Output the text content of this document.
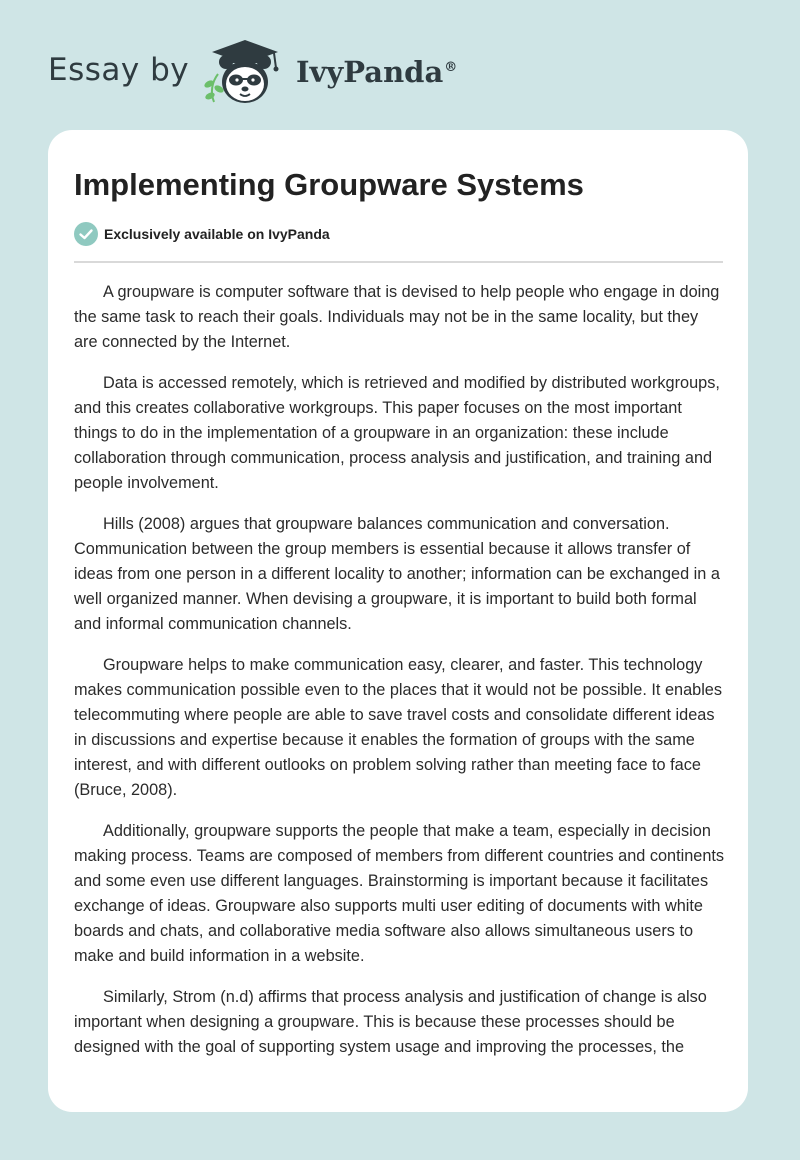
Essay by	IvyPanda®
Implementing Groupware Systems
Exclusively available on IvyPanda

A groupware is computer software that is devised to help people who engage in doing the same task to reach their goals. Individuals may not be in the same locality, but they are connected by the Internet.

Data is accessed remotely, which is retrieved and modified by distributed workgroups, and this creates collaborative workgroups. This paper focuses on the most important things to do in the implementation of a groupware in an organization: these include collaboration through communication, process analysis and justification, and training and people involvement.

Hills (2008) argues that groupware balances communication and conversation. Communication between the group members is essential because it allows transfer of ideas from one person in a different locality to another; information can be exchanged in a well organized manner. When devising a groupware, it is important to build both formal and informal communication channels.

Groupware helps to make communication easy, clearer, and faster. This technology makes communication possible even to the places that it would not be possible. It enables telecommuting where people are able to save travel costs and consolidate different ideas in discussions and expertise because it enables the formation of groups with the same interest, and with different outlooks on problem solving rather than meeting face to face (Bruce, 2008).

Additionally, groupware supports the people that make a team, especially in decision making process. Teams are composed of members from different countries and continents and some even use different languages. Brainstorming is important because it facilitates exchange of ideas. Groupware also supports multi user editing of documents with white boards and chats, and collaborative media software also allows simultaneous users to make and build information in a website.

Similarly, Strom (n.d) affirms that process analysis and justification of change is also important when designing a groupware. This is because these processes should be designed with the goal of supporting system usage and improving the processes, the
